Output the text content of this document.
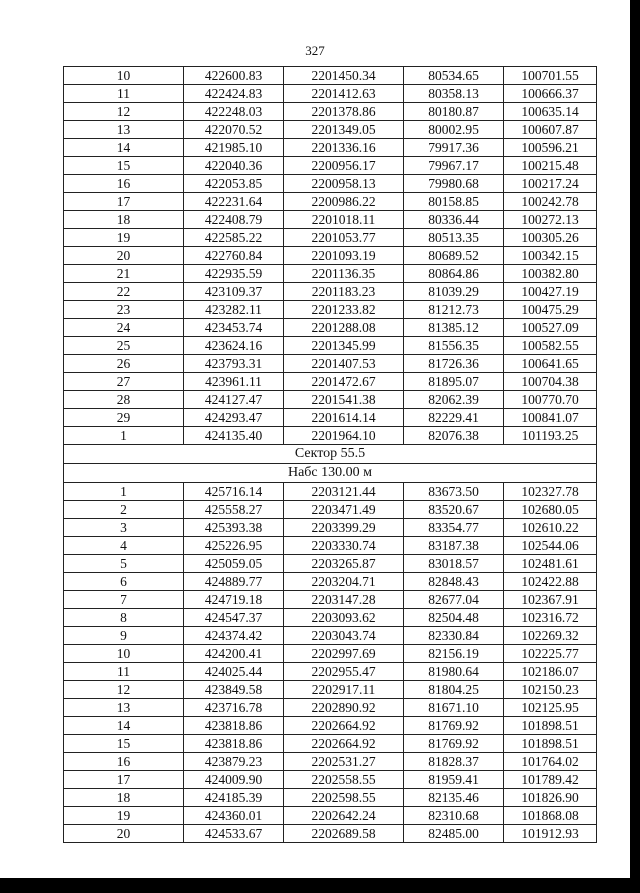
327
10	422600.83	2201450.34	80534.65	100701.55
11	422424.83	2201412.63	80358.13	100666.37
12	422248.03	2201378.86	80180.87	100635.14
13	422070.52	2201349.05	80002.95	100607.87
14	421985.10	2201336.16	79917.36	100596.21
15	422040.36	2200956.17	79967.17	100215.48
16	422053.85	2200958.13	79980.68	100217.24
17	422231.64	2200986.22	80158.85	100242.78
18	422408.79	2201018.11	80336.44	100272.13
19	422585.22	2201053.77	80513.35	100305.26
20	422760.84	2201093.19	80689.52	100342.15
21	422935.59	2201136.35	80864.86	100382.80
22	423109.37	2201183.23	81039.29	100427.19
23	423282.11	2201233.82	81212.73	100475.29
24	423453.74	2201288.08	81385.12	100527.09
25	423624.16	2201345.99	81556.35	100582.55
26	423793.31	2201407.53	81726.36	100641.65
27	423961.11	2201472.67	81895.07	100704.38
28	424127.47	2201541.38	82062.39	100770.70
29	424293.47	2201614.14	82229.41	100841.07
1	424135.40	2201964.10	82076.38	101193.25
Сектор 55.5				
Набс 130.00 м				
1	425716.14	2203121.44	83673.50	102327.78
2	425558.27	2203471.49	83520.67	102680.05
3	425393.38	2203399.29	83354.77	102610.22
4	425226.95	2203330.74	83187.38	102544.06
5	425059.05	2203265.87	83018.57	102481.61
6	424889.77	2203204.71	82848.43	102422.88
7	424719.18	2203147.28	82677.04	102367.91
8	424547.37	2203093.62	82504.48	102316.72
9	424374.42	2203043.74	82330.84	102269.32
10	424200.41	2202997.69	82156.19	102225.77
11	424025.44	2202955.47	81980.64	102186.07
12	423849.58	2202917.11	81804.25	102150.23
13	423716.78	2202890.92	81671.10	102125.95
14	423818.86	2202664.92	81769.92	101898.51
15	423818.86	2202664.92	81769.92	101898.51
16	423879.23	2202531.27	81828.37	101764.02
17	424009.90	2202558.55	81959.41	101789.42
18	424185.39	2202598.55	82135.46	101826.90
19	424360.01	2202642.24	82310.68	101868.08
20	424533.67	2202689.58	82485.00	101912.93
